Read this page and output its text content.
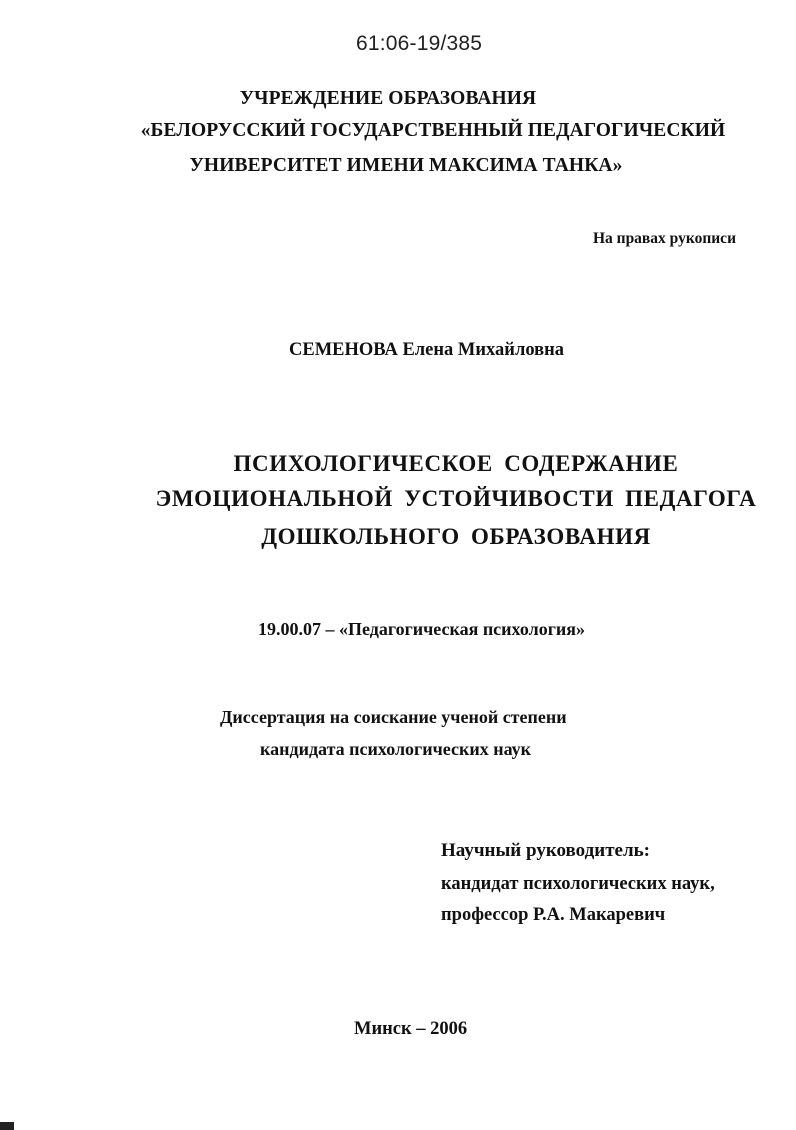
61:06-19/385
УЧРЕЖДЕНИЕ ОБРАЗОВАНИЯ
«БЕЛОРУССКИЙ ГОСУДАРСТВЕННЫЙ ПЕДАГОГИЧЕСКИЙ
УНИВЕРСИТЕТ ИМЕНИ МАКСИМА ТАНКА»
На правах рукописи
СЕМЕНОВА Елена Михайловна
ПСИХОЛОГИЧЕСКОЕ СОДЕРЖАНИЕ
ЭМОЦИОНАЛЬНОЙ УСТОЙЧИВОСТИ ПЕДАГОГА
ДОШКОЛЬНОГО ОБРАЗОВАНИЯ
19.00.07 – «Педагогическая психология»
Диссертация на соискание ученой степени
кандидата психологических наук
Научный руководитель:
кандидат психологических наук,
профессор Р.А. Макаревич
Минск – 2006
